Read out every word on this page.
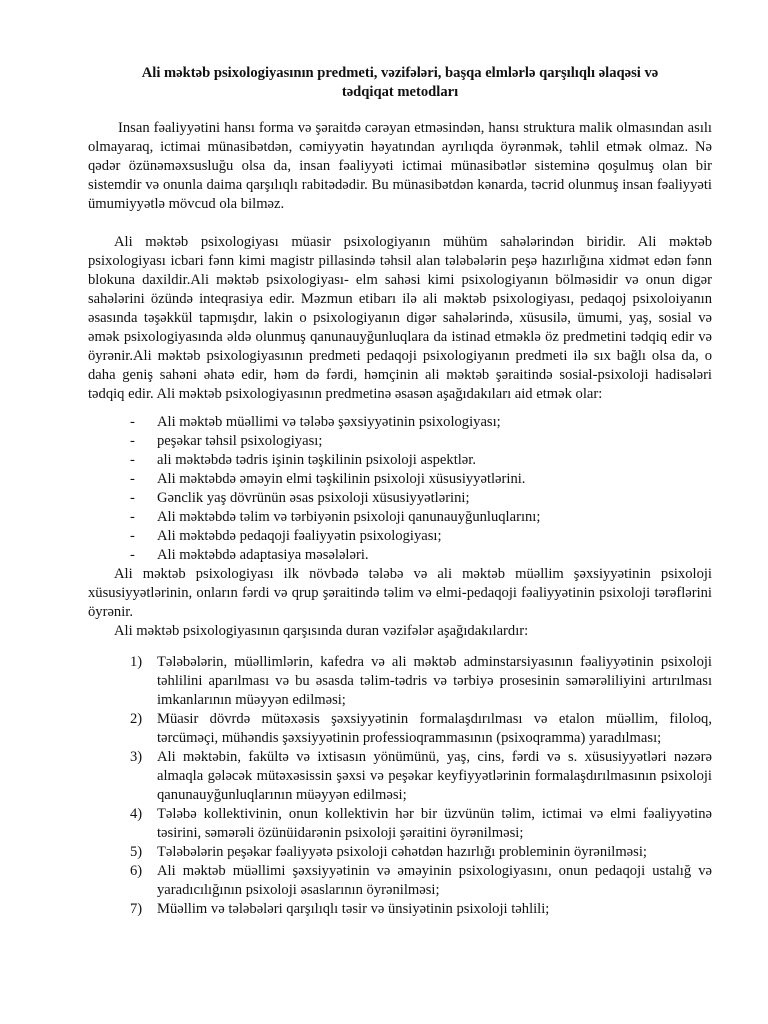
Ali məktəb psixologiyasının predmeti, vəzifələri, başqa elmlərlə qarşılıqlı əlaqəsi və
tədqiqat metodları

Insan fəaliyyətini hansı forma və şəraitdə cərəyan etməsindən, hansı struktura malik olmasından asılı olmayaraq, ictimai münasibətdən, cəmiyyətin həyatından ayrılıqda öyrənmək, təhlil etmək olmaz. Nə qədər özünəməxsusluğu olsa da, insan fəaliyyəti ictimai münasibətlər sisteminə qoşulmuş olan bir sistemdir və onunla daima qarşılıqlı rabitədədir. Bu münasibətdən kənarda, təcrid olunmuş insan fəaliyyəti ümumiyyətlə mövcud ola bilməz.

Ali məktəb psixologiyası müasir psixologiyanın mühüm sahələrindən biridir. Ali məktəb psixologiyası icbari fənn kimi magistr pillasində təhsil alan tələbələrin peşə hazırlığına xidmət edən fənn blokuna daxildir.Ali məktəb psixologiyası- elm sahəsi kimi psixologiyanın bölməsidir və onun digər sahələrini özündə inteqrasiya edir. Məzmun etibarı ilə ali məktəb psixologiyası, pedaqoj psixoloiyanın əsasında təşəkkül tapmışdır, lakin o psixologiyanın digər sahələrində, xüsusilə, ümumi, yaş, sosial və əmək psixologiyasında əldə olunmuş qanunauyğunluqlara da istinad etməklə öz predmetini tədqiq edir və öyrənir.Ali məktəb psixologiyasının predmeti pedaqoji psixologiyanın predmeti ilə sıx bağlı olsa da, o daha geniş sahəni əhatə edir, həm də fərdi, həmçinin ali məktəb şəraitində sosial-psixoloji hadisələri tədqiq edir. Ali məktəb psixologiyasının predmetinə əsasən aşağıdakıları aid etmək olar:

- Ali məktəb müəllimi və tələbə şəxsiyyətinin psixologiyası;
- peşəkar təhsil psixologiyası;
- ali məktəbdə tədris işinin təşkilinin psixoloji aspektlər.
- Ali məktəbdə əməyin elmi təşkilinin psixoloji xüsusiyyətlərini.
- Gənclik yaş dövrünün əsas psixoloji xüsusiyyətlərini;
- Ali məktəbdə təlim və tərbiyənin psixoloji qanunauyğunluqlarını;
- Ali məktəbdə pedaqoji fəaliyyətin psixologiyası;
- Ali məktəbdə adaptasiya məsələləri.

Ali məktəb psixologiyası ilk növbədə tələbə və ali məktəb müəllim şəxsiyyətinin psixoloji xüsusiyyətlərinin, onların fərdi və qrup şəraitində təlim və elmi-pedaqoji fəaliyyətinin psixoloji tərəflərini öyrənir.

Ali məktəb psixologiyasının qarşısında duran vəzifələr aşağıdakılardır:

1) Tələbələrin, müəllimlərin, kafedra və ali məktəb adminstarsiyasının fəaliyyətinin psixoloji təhlilini aparılması və bu əsasda təlim-tədris və tərbiyə prosesinin səmərəliliyini artırılması imkanlarının müəyyən edilməsi;
2) Müasir dövrdə mütəxəsis şəxsiyyətinin formalaşdırılması və etalon müəllim, filoloq, tərcüməçi, mühəndis şəxsiyyətinin professioqrammasının (psixoqramma) yaradılması;
3) Ali məktəbin, fakültə və ixtisasın yönümünü, yaş, cins, fərdi və s. xüsusiyyətləri nəzərə almaqla gələcək mütəxəsissin şəxsi və peşəkar keyfiyyətlərinin formalaşdırılmasının psixoloji qanunauyğunluqlarının müəyyən edilməsi;
4) Tələbə kollektivinin, onun kollektivin hər bir üzvünün təlim, ictimai və elmi fəaliyyətinə təsirini, səmərəli özünüidarənin psixoloji şəraitini öyrənilməsi;
5) Tələbələrin peşəkar fəaliyyətə psixoloji cəhətdən hazırlığı probleminin öyrənilməsi;
6) Ali məktəb müəllimi şəxsiyyətinin və əməyinin psixologiyasını, onun pedaqoji ustalığ və yaradıcılığının psixoloji əsaslarının öyrənilməsi;
7) Müəllim və tələbələri qarşılıqlı təsir və ünsiyətinin psixoloji təhlili;
